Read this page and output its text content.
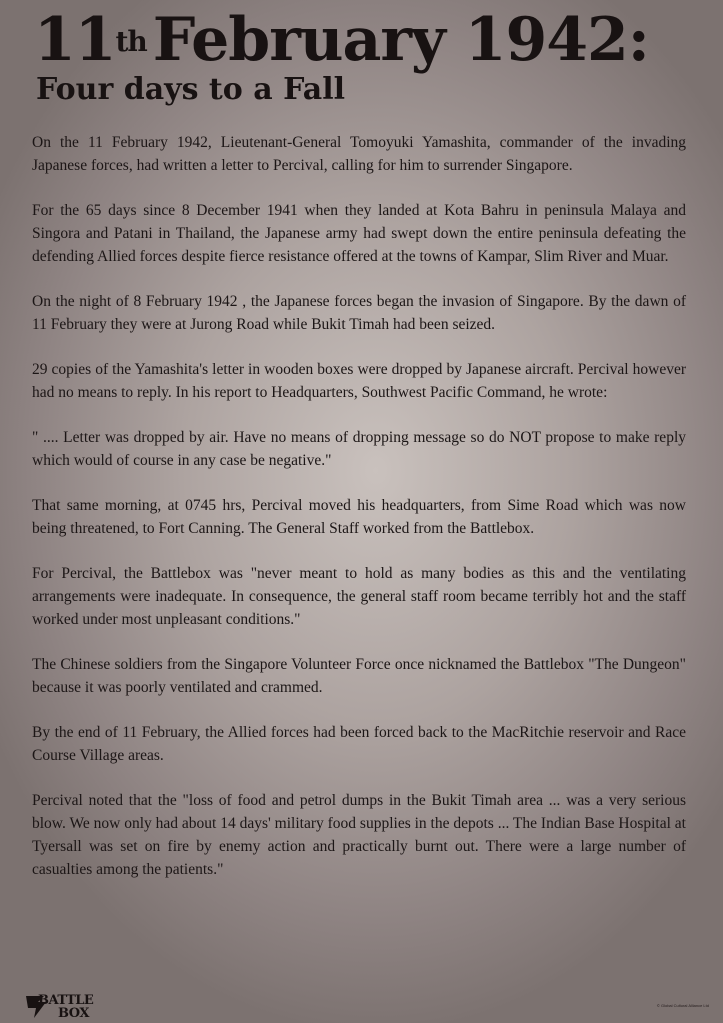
11th February 1942:
Four days to a Fall

On the 11 February 1942, Lieutenant-General Tomoyuki Yamashita, commander of the invading Japanese forces, had written a letter to Percival, calling for him to surrender Singapore.

For the 65 days since 8 December 1941 when they landed at Kota Bahru in peninsula Malaya and Singora and Patani in Thailand, the Japanese army had swept down the entire peninsula defeating the defending Allied forces despite fierce resistance offered at the towns of Kampar, Slim River and Muar.

On the night of 8 February 1942 , the Japanese forces began the invasion of Singapore. By the dawn of 11 February they were at Jurong Road while Bukit Timah had been seized.

29 copies of the Yamashita's letter in wooden boxes were dropped by Japanese aircraft. Percival however had no means to reply. In his report to Headquarters, Southwest Pacific Command, he wrote:

" .... Letter was dropped by air. Have no means of dropping message so do NOT propose to make reply which would of course in any case be negative."

That same morning, at 0745 hrs, Percival moved his headquarters, from Sime Road which was now being threatened, to Fort Canning. The General Staff worked from the Battlebox.

For Percival, the Battlebox was "never meant to hold as many bodies as this and the ventilating arrangements were inadequate. In consequence, the general staff room became terribly hot and the staff worked under most unpleasant conditions."

The Chinese soldiers from the Singapore Volunteer Force once nicknamed the Battlebox "The Dungeon" because it was poorly ventilated and crammed.

By the end of 11 February, the Allied forces had been forced back to the MacRitchie reservoir and Race Course Village areas.

Percival noted that the "loss of food and petrol dumps in the Bukit Timah area ... was a very serious blow. We now only had about 14 days' military food supplies in the depots ... The Indian Base Hospital at Tyersall was set on fire by enemy action and practically burnt out. There were a large number of casualties among the patients."

BATTLE
BOX
© Global Cultural Alliance Ltd
